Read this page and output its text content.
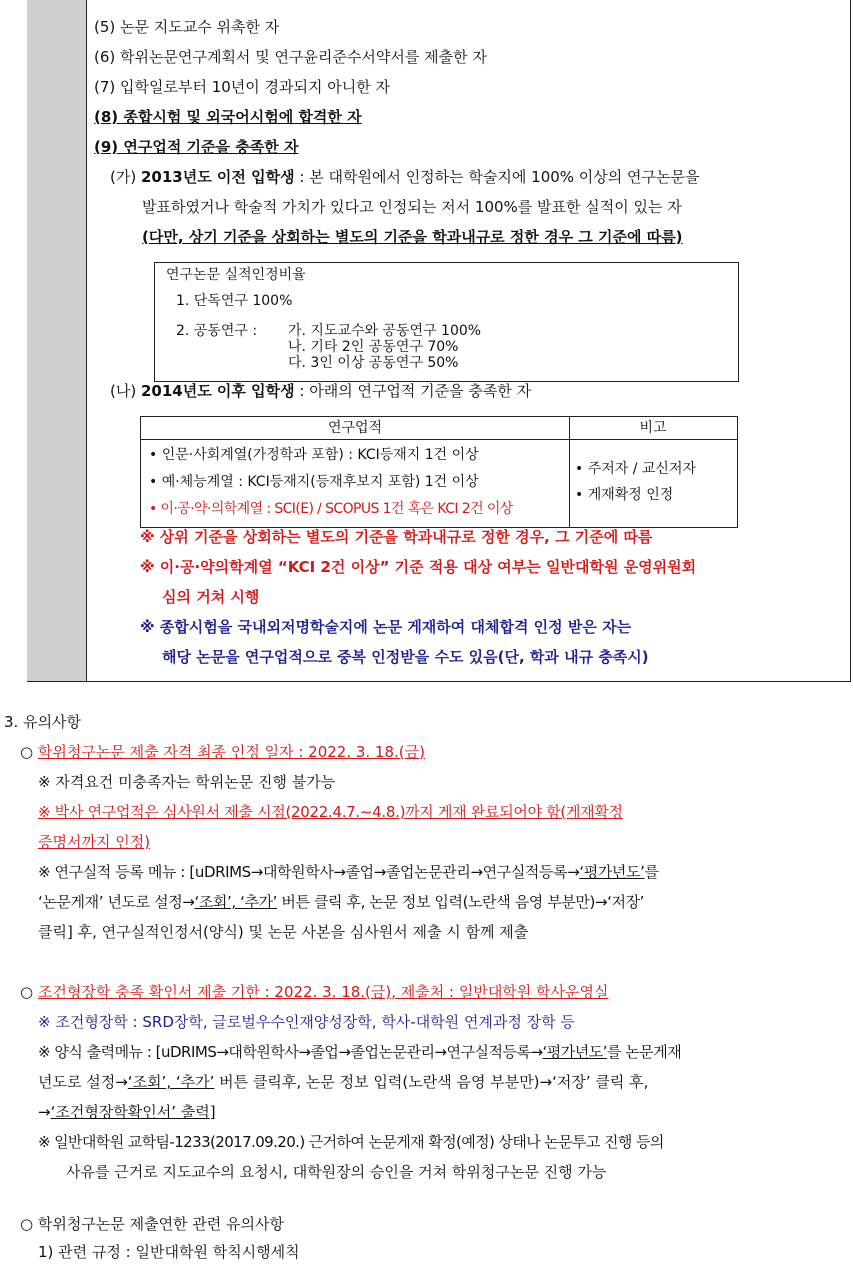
(5) 논문 지도교수 위촉한 자
(6) 학위논문연구계획서 및 연구윤리준수서약서를 제출한 자
(7) 입학일로부터 10년이 경과되지 아니한 자
(8) 종합시험 및 외국어시험에 합격한 자
(9) 연구업적 기준을 충족한 자
(가) 2013년도 이전 입학생 : 본 대학원에서 인정하는 학술지에 100% 이상의 연구논문을
발표하였거나 학술적 가치가 있다고 인정되는 저서 100%를 발표한 실적이 있는 자
(다만, 상기 기준을 상회하는 별도의 기준을 학과내규로 정한 경우 그 기준에 따름)
연구논문 실적인정비율
1. 단독연구 100%
2. 공동연구 : 가. 지도교수와 공동연구 100%
나. 기타 2인 공동연구 70%
다. 3인 이상 공동연구 50%
(나) 2014년도 이후 입학생 : 아래의 연구업적 기준을 충족한 자
연구업적	비고
• 인문·사회계열(가정학과 포함) : KCI등재지 1건 이상
• 예·체능계열 : KCI등재지(등재후보지 포함) 1건 이상
• 이·공·약·의학계열 : SCI(E) / SCOPUS 1건 혹은 KCI 2건 이상
• 주저자 / 교신저자
• 게재확정 인정
※ 상위 기준을 상회하는 별도의 기준을 학과내규로 정한 경우, 그 기준에 따름
※ 이·공·약의학계열 “KCI 2건 이상” 기준 적용 대상 여부는 일반대학원 운영위원회
심의 거쳐 시행
※ 종합시험을 국내외저명학술지에 논문 게재하여 대체합격 인정 받은 자는
해당 논문을 연구업적으로 중복 인정받을 수도 있음(단, 학과 내규 충족시)
3. 유의사항
○ 학위청구논문 제출 자격 최종 인정 일자 : 2022. 3. 18.(금)
※ 자격요건 미충족자는 학위논문 진행 불가능
※ 박사 연구업적은 심사원서 제출 시점(2022.4.7.~4.8.)까지 게재 완료되어야 함(게재확정
증명서까지 인정)
※ 연구실적 등록 메뉴 : [uDRIMS→대학원학사→졸업→졸업논문관리→연구실적등록→‘평가년도’를
‘논문게재’ 년도로 설정→‘조회’, ‘추가’ 버튼 클릭 후, 논문 정보 입력(노란색 음영 부분만)→‘저장’
클릭] 후, 연구실적인정서(양식) 및 논문 사본을 심사원서 제출 시 함께 제출
○ 조건형장학 충족 확인서 제출 기한 : 2022. 3. 18.(금), 제출처 : 일반대학원 학사운영실
※ 조건형장학 : SRD장학, 글로벌우수인재양성장학, 학사-대학원 연계과정 장학 등
※ 양식 출력메뉴 : [uDRIMS→대학원학사→졸업→졸업논문관리→연구실적등록→‘평가년도’를 논문게재
년도로 설정→‘조회’, ‘추가’ 버튼 클릭후, 논문 정보 입력(노란색 음영 부분만)→‘저장’ 클릭 후,
→‘조건형장학확인서’ 출력]
※ 일반대학원 교학팀-1233(2017.09.20.) 근거하여 논문게재 확정(예정) 상태나 논문투고 진행 등의
사유를 근거로 지도교수의 요청시, 대학원장의 승인을 거쳐 학위청구논문 진행 가능
○ 학위청구논문 제출연한 관련 유의사항
1) 관련 규정 : 일반대학원 학칙시행세칙
